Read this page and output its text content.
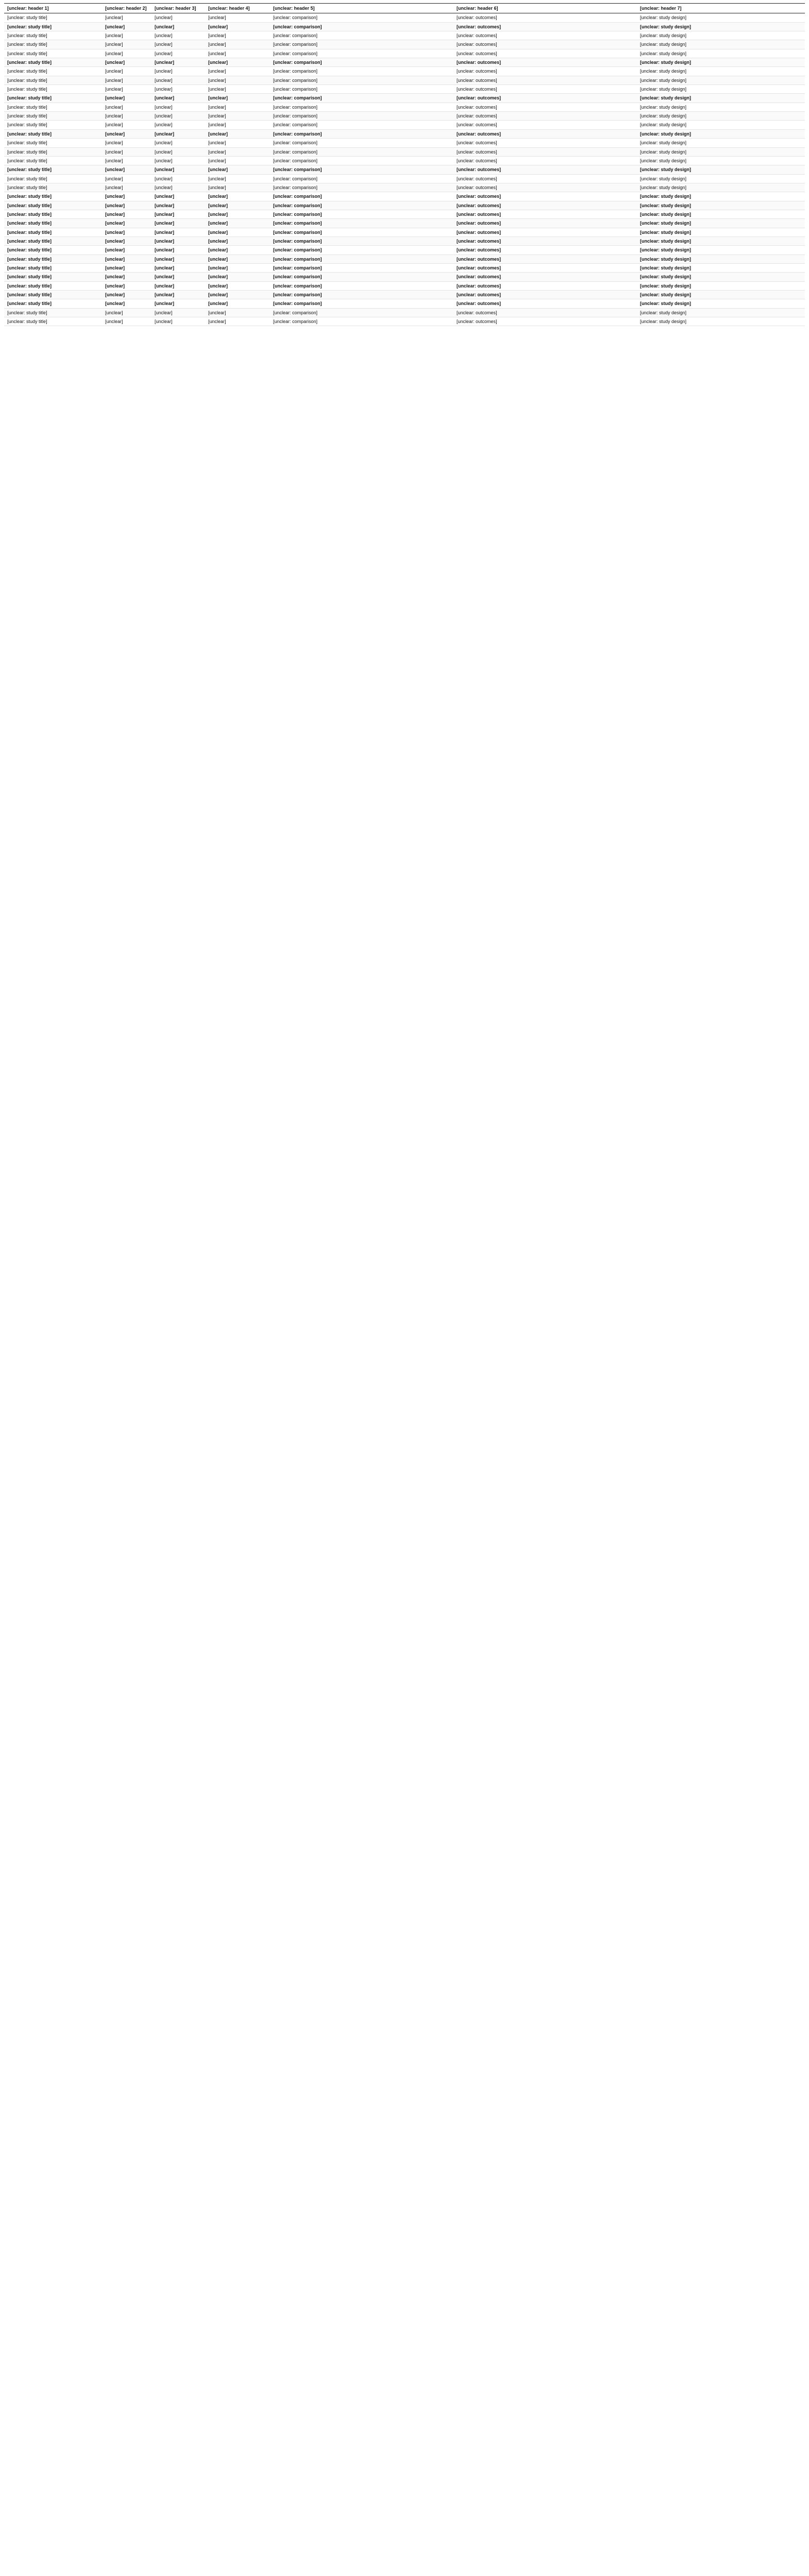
[unclear: header 1]	[unclear: header 2]	[unclear: header 3]	[unclear: header 4]	[unclear: header 5]	[unclear: header 6]	[unclear: header 7]
[unclear: study title]	[unclear]	[unclear]	[unclear]	[unclear: comparison]	[unclear: outcomes]	[unclear: study design]
[unclear: study title]	[unclear]	[unclear]	[unclear]	[unclear: comparison]	[unclear: outcomes]	[unclear: study design]
[unclear: study title]	[unclear]	[unclear]	[unclear]	[unclear: comparison]	[unclear: outcomes]	[unclear: study design]
[unclear: study title]	[unclear]	[unclear]	[unclear]	[unclear: comparison]	[unclear: outcomes]	[unclear: study design]
[unclear: study title]	[unclear]	[unclear]	[unclear]	[unclear: comparison]	[unclear: outcomes]	[unclear: study design]
[unclear: study title]	[unclear]	[unclear]	[unclear]	[unclear: comparison]	[unclear: outcomes]	[unclear: study design]
[unclear: study title]	[unclear]	[unclear]	[unclear]	[unclear: comparison]	[unclear: outcomes]	[unclear: study design]
[unclear: study title]	[unclear]	[unclear]	[unclear]	[unclear: comparison]	[unclear: outcomes]	[unclear: study design]
[unclear: study title]	[unclear]	[unclear]	[unclear]	[unclear: comparison]	[unclear: outcomes]	[unclear: study design]
[unclear: study title]	[unclear]	[unclear]	[unclear]	[unclear: comparison]	[unclear: outcomes]	[unclear: study design]
[unclear: study title]	[unclear]	[unclear]	[unclear]	[unclear: comparison]	[unclear: outcomes]	[unclear: study design]
[unclear: study title]	[unclear]	[unclear]	[unclear]	[unclear: comparison]	[unclear: outcomes]	[unclear: study design]
[unclear: study title]	[unclear]	[unclear]	[unclear]	[unclear: comparison]	[unclear: outcomes]	[unclear: study design]
[unclear: study title]	[unclear]	[unclear]	[unclear]	[unclear: comparison]	[unclear: outcomes]	[unclear: study design]
[unclear: study title]	[unclear]	[unclear]	[unclear]	[unclear: comparison]	[unclear: outcomes]	[unclear: study design]
[unclear: study title]	[unclear]	[unclear]	[unclear]	[unclear: comparison]	[unclear: outcomes]	[unclear: study design]
[unclear: study title]	[unclear]	[unclear]	[unclear]	[unclear: comparison]	[unclear: outcomes]	[unclear: study design]
[unclear: study title]	[unclear]	[unclear]	[unclear]	[unclear: comparison]	[unclear: outcomes]	[unclear: study design]
[unclear: study title]	[unclear]	[unclear]	[unclear]	[unclear: comparison]	[unclear: outcomes]	[unclear: study design]
[unclear: study title]	[unclear]	[unclear]	[unclear]	[unclear: comparison]	[unclear: outcomes]	[unclear: study design]
[unclear: study title]	[unclear]	[unclear]	[unclear]	[unclear: comparison]	[unclear: outcomes]	[unclear: study design]
[unclear: study title]	[unclear]	[unclear]	[unclear]	[unclear: comparison]	[unclear: outcomes]	[unclear: study design]
[unclear: study title]	[unclear]	[unclear]	[unclear]	[unclear: comparison]	[unclear: outcomes]	[unclear: study design]
[unclear: study title]	[unclear]	[unclear]	[unclear]	[unclear: comparison]	[unclear: outcomes]	[unclear: study design]
[unclear: study title]	[unclear]	[unclear]	[unclear]	[unclear: comparison]	[unclear: outcomes]	[unclear: study design]
[unclear: study title]	[unclear]	[unclear]	[unclear]	[unclear: comparison]	[unclear: outcomes]	[unclear: study design]
[unclear: study title]	[unclear]	[unclear]	[unclear]	[unclear: comparison]	[unclear: outcomes]	[unclear: study design]
[unclear: study title]	[unclear]	[unclear]	[unclear]	[unclear: comparison]	[unclear: outcomes]	[unclear: study design]
[unclear: study title]	[unclear]	[unclear]	[unclear]	[unclear: comparison]	[unclear: outcomes]	[unclear: study design]
[unclear: study title]	[unclear]	[unclear]	[unclear]	[unclear: comparison]	[unclear: outcomes]	[unclear: study design]
[unclear: study title]	[unclear]	[unclear]	[unclear]	[unclear: comparison]	[unclear: outcomes]	[unclear: study design]
[unclear: study title]	[unclear]	[unclear]	[unclear]	[unclear: comparison]	[unclear: outcomes]	[unclear: study design]
[unclear: study title]	[unclear]	[unclear]	[unclear]	[unclear: comparison]	[unclear: outcomes]	[unclear: study design]
[unclear: study title]	[unclear]	[unclear]	[unclear]	[unclear: comparison]	[unclear: outcomes]	[unclear: study design]
[unclear: study title]	[unclear]	[unclear]	[unclear]	[unclear: comparison]	[unclear: outcomes]	[unclear: study design]
